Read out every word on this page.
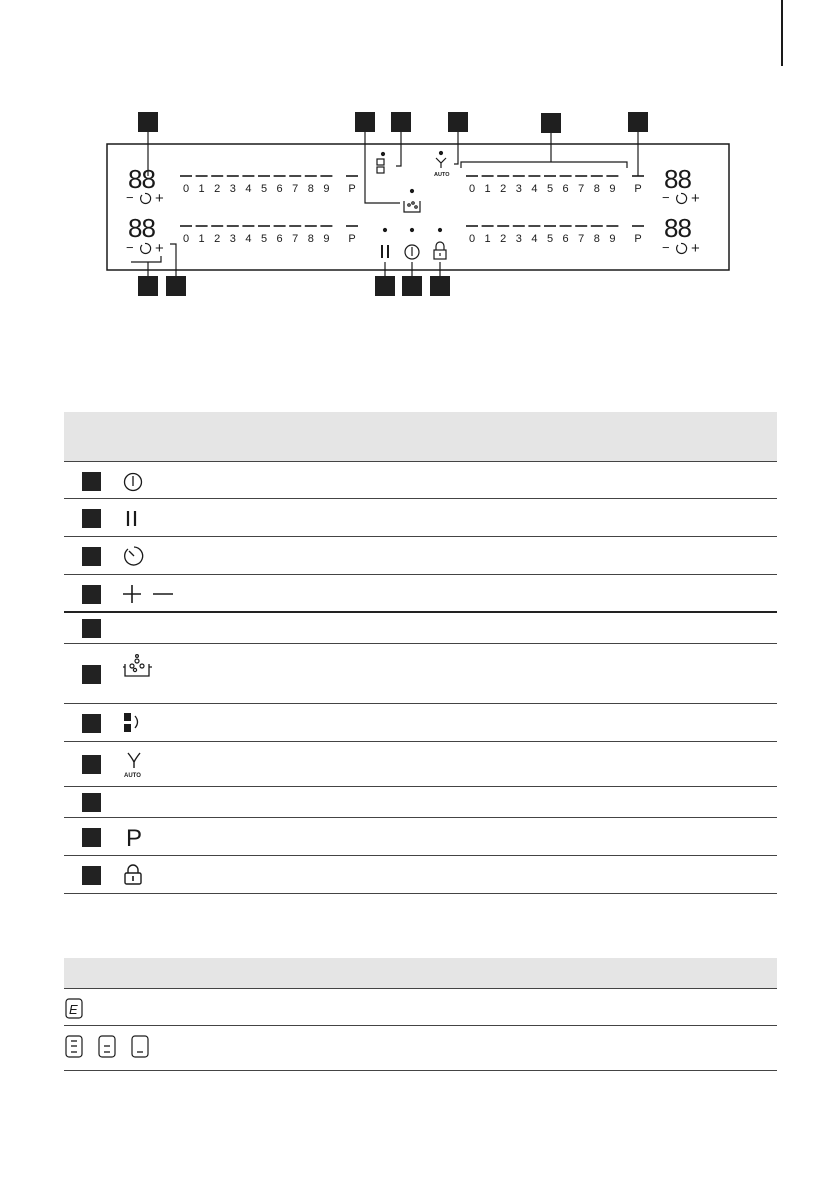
0 1 2 3 4 5 6 7 8 9 P
0 1 2 3 4 5 6 7 8 9 P
0 1 2 3 4 5 6 7 8 9 P
0 1 2 3 4 5 6 7 8 9 P
88
88
88
88
− +
− +
− +
− +
AUTO
AUTO
P
E
